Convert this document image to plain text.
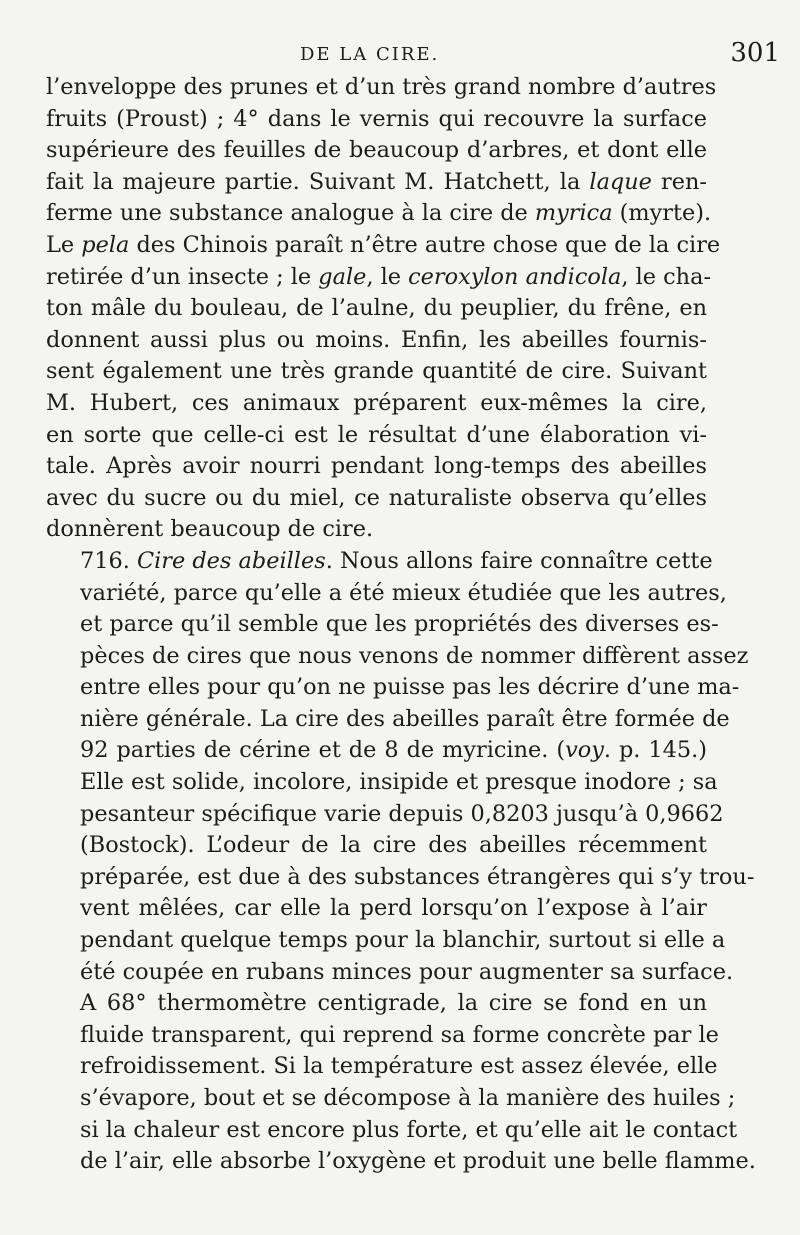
DE LA CIRE.	301

l’enveloppe des prunes et d’un très grand nombre d’autres
fruits (Proust) ; 4° dans le vernis qui recouvre la surface
supérieure des feuilles de beaucoup d’arbres, et dont elle
fait la majeure partie. Suivant M. Hatchett, la laque ren-
ferme une substance analogue à la cire de myrica (myrte).
Le pela des Chinois paraît n’être autre chose que de la cire
retirée d’un insecte ; le gale, le ceroxylon andicola, le cha-
ton mâle du bouleau, de l’aulne, du peuplier, du frêne, en
donnent aussi plus ou moins. Enfin, les abeilles fournis-
sent également une très grande quantité de cire. Suivant
M. Hubert, ces animaux préparent eux-mêmes la cire,
en sorte que celle-ci est le résultat d’une élaboration vi-
tale. Après avoir nourri pendant long-temps des abeilles
avec du sucre ou du miel, ce naturaliste observa qu’elles
donnèrent beaucoup de cire.

716. Cire des abeilles. Nous allons faire connaître cette
variété, parce qu’elle a été mieux étudiée que les autres,
et parce qu’il semble que les propriétés des diverses es-
pèces de cires que nous venons de nommer diffèrent assez
entre elles pour qu’on ne puisse pas les décrire d’une ma-
nière générale. La cire des abeilles paraît être formée de
92 parties de cérine et de 8 de myricine. (voy. p. 145.)
Elle est solide, incolore, insipide et presque inodore ; sa
pesanteur spécifique varie depuis 0,8203 jusqu’à 0,9662
(Bostock). L’odeur de la cire des abeilles récemment
préparée, est due à des substances étrangères qui s’y trou-
vent mêlées, car elle la perd lorsqu’on l’expose à l’air
pendant quelque temps pour la blanchir, surtout si elle a
été coupée en rubans minces pour augmenter sa surface.

A 68° thermomètre centigrade, la cire se fond en un
fluide transparent, qui reprend sa forme concrète par le
refroidissement. Si la température est assez élevée, elle
s’évapore, bout et se décompose à la manière des huiles ;
si la chaleur est encore plus forte, et qu’elle ait le contact
de l’air, elle absorbe l’oxygène et produit une belle flamme.
